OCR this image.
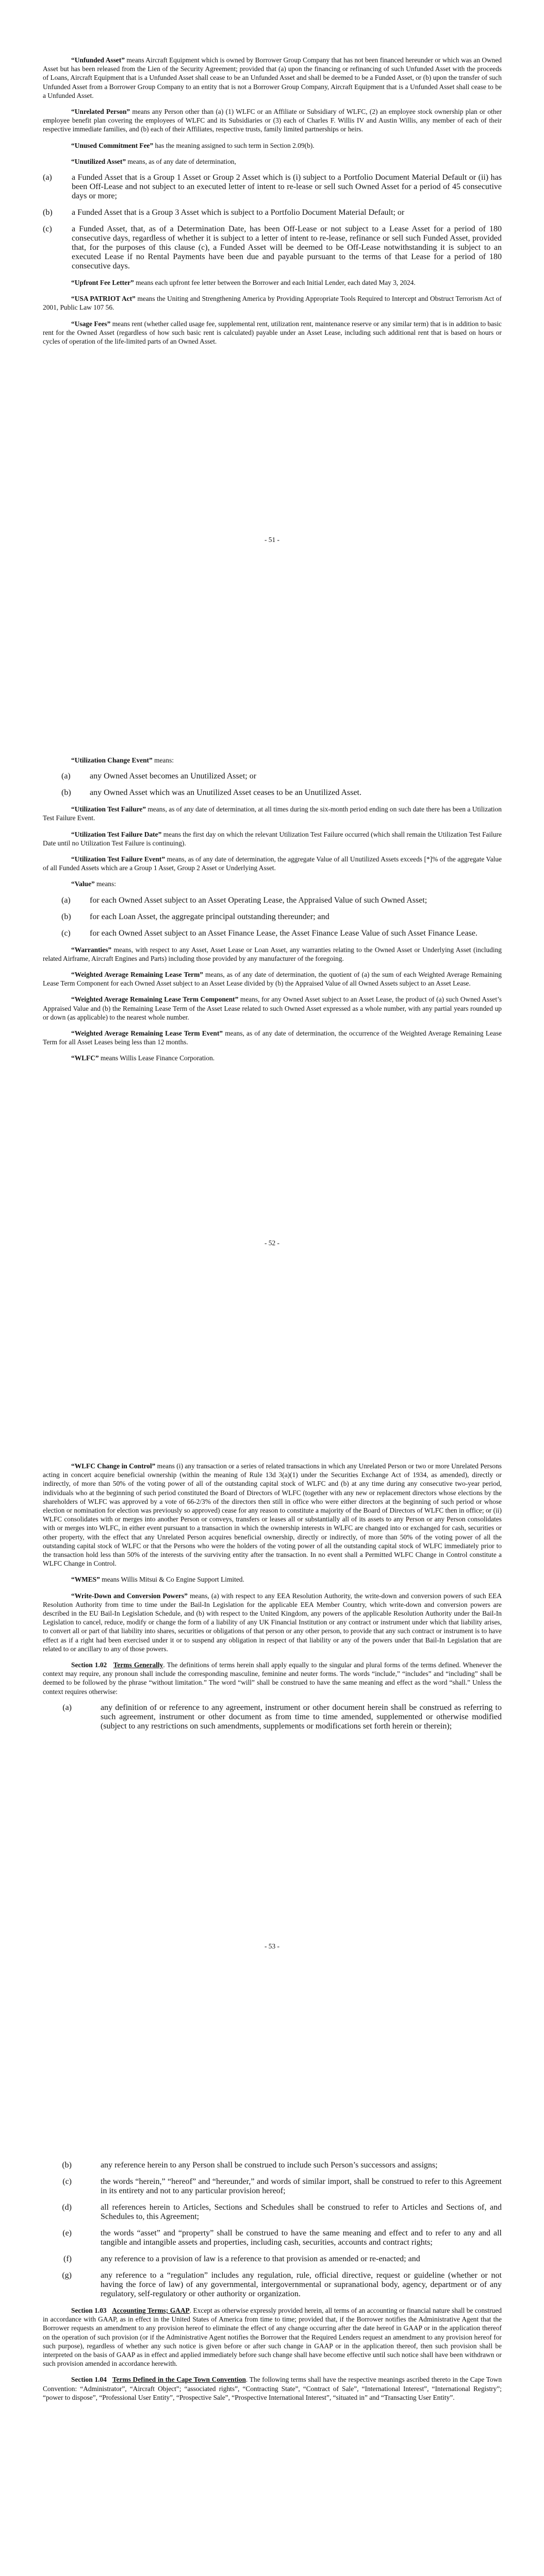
“Unfunded Asset” means Aircraft Equipment which is owned by Borrower Group Company that has not been financed hereunder or which was an Owned Asset but has been released from the Lien of the Security Agreement; provided that (a) upon the financing or refinancing of such Unfunded Asset with the proceeds of Loans, Aircraft Equipment that is a Unfunded Asset shall cease to be an Unfunded Asset and shall be deemed to be a Funded Asset, or (b) upon the transfer of such Unfunded Asset from a Borrower Group Company to an entity that is not a Borrower Group Company, Aircraft Equipment that is a Unfunded Asset shall cease to be a Unfunded Asset.

“Unrelated Person” means any Person other than (a) (1) WLFC or an Affiliate or Subsidiary of WLFC, (2) an employee stock ownership plan or other employee benefit plan covering the employees of WLFC and its Subsidiaries or (3) each of Charles F. Willis IV and Austin Willis, any member of each of their respective immediate families, and (b) each of their Affiliates, respective trusts, family limited partnerships or heirs.

“Unused Commitment Fee” has the meaning assigned to such term in Section 2.09(b).

“Unutilized Asset” means, as of any date of determination,

(a)	a Funded Asset that is a Group 1 Asset or Group 2 Asset which is (i) subject to a Portfolio Document Material Default or (ii) has been Off-Lease and not subject to an executed letter of intent to re-lease or sell such Owned Asset for a period of 45 consecutive days or more;
(b)	a Funded Asset that is a Group 3 Asset which is subject to a Portfolio Document Material Default; or
(c)	a Funded Asset, that, as of a Determination Date, has been Off-Lease or not subject to a Lease Asset for a period of 180 consecutive days, regardless of whether it is subject to a letter of intent to re-lease, refinance or sell such Funded Asset, provided that, for the purposes of this clause (c), a Funded Asset will be deemed to be Off-Lease notwithstanding it is subject to an executed Lease if no Rental Payments have been due and payable pursuant to the terms of that Lease for a period of 180 consecutive days.

“Upfront Fee Letter” means each upfront fee letter between the Borrower and each Initial Lender, each dated May 3, 2024.

“USA PATRIOT Act” means the Uniting and Strengthening America by Providing Appropriate Tools Required to Intercept and Obstruct Terrorism Act of 2001, Public Law 107 56.

“Usage Fees” means rent (whether called usage fee, supplemental rent, utilization rent, maintenance reserve or any similar term) that is in addition to basic rent for the Owned Asset (regardless of how such basic rent is calculated) payable under an Asset Lease, including such additional rent that is based on hours or cycles of operation of the life-limited parts of an Owned Asset.

- 51 -

“Utilization Change Event” means:

(a)	any Owned Asset becomes an Unutilized Asset; or
(b)	any Owned Asset which was an Unutilized Asset ceases to be an Unutilized Asset.

“Utilization Test Failure” means, as of any date of determination, at all times during the six-month period ending on such date there has been a Utilization Test Failure Event.

“Utilization Test Failure Date” means the first day on which the relevant Utilization Test Failure occurred (which shall remain the Utilization Test Failure Date until no Utilization Test Failure is continuing).

“Utilization Test Failure Event” means, as of any date of determination, the aggregate Value of all Unutilized Assets exceeds [*]% of the aggregate Value of all Funded Assets which are a Group 1 Asset, Group 2 Asset or Underlying Asset.

“Value” means:

(a)	for each Owned Asset subject to an Asset Operating Lease, the Appraised Value of such Owned Asset;
(b)	for each Loan Asset, the aggregate principal outstanding thereunder; and
(c)	for each Owned Asset subject to an Asset Finance Lease, the Asset Finance Lease Value of such Asset Finance Lease.

“Warranties” means, with respect to any Asset, Asset Lease or Loan Asset, any warranties relating to the Owned Asset or Underlying Asset (including related Airframe, Aircraft Engines and Parts) including those provided by any manufacturer of the foregoing.

“Weighted Average Remaining Lease Term” means, as of any date of determination, the quotient of (a) the sum of each Weighted Average Remaining Lease Term Component for each Owned Asset subject to an Asset Lease divided by (b) the Appraised Value of all Owned Assets subject to an Asset Lease.

“Weighted Average Remaining Lease Term Component” means, for any Owned Asset subject to an Asset Lease, the product of (a) such Owned Asset’s Appraised Value and (b) the Remaining Lease Term of the Asset Lease related to such Owned Asset expressed as a whole number, with any partial years rounded up or down (as applicable) to the nearest whole number.

“Weighted Average Remaining Lease Term Event” means, as of any date of determination, the occurrence of the Weighted Average Remaining Lease Term for all Asset Leases being less than 12 months.

“WLFC” means Willis Lease Finance Corporation.

- 52 -

“WLFC Change in Control” means (i) any transaction or a series of related transactions in which any Unrelated Person or two or more Unrelated Persons acting in concert acquire beneficial ownership (within the meaning of Rule 13d 3(a)(1) under the Securities Exchange Act of 1934, as amended), directly or indirectly, of more than 50% of the voting power of all of the outstanding capital stock of WLFC and (b) at any time during any consecutive two-year period, individuals who at the beginning of such period constituted the Board of Directors of WLFC (together with any new or replacement directors whose elections by the shareholders of WLFC was approved by a vote of 66-2/3% of the directors then still in office who were either directors at the beginning of such period or whose election or nomination for election was previously so approved) cease for any reason to constitute a majority of the Board of Directors of WLFC then in office; or (ii) WLFC consolidates with or merges into another Person or conveys, transfers or leases all or substantially all of its assets to any Person or any Person consolidates with or merges into WLFC, in either event pursuant to a transaction in which the ownership interests in WLFC are changed into or exchanged for cash, securities or other property, with the effect that any Unrelated Person acquires beneficial ownership, directly or indirectly, of more than 50% of the voting power of all the outstanding capital stock of WLFC or that the Persons who were the holders of the voting power of all the outstanding capital stock of WLFC immediately prior to the transaction hold less than 50% of the interests of the surviving entity after the transaction. In no event shall a Permitted WLFC Change in Control constitute a WLFC Change in Control.

“WMES” means Willis Mitsui & Co Engine Support Limited.

“Write-Down and Conversion Powers” means, (a) with respect to any EEA Resolution Authority, the write-down and conversion powers of such EEA Resolution Authority from time to time under the Bail-In Legislation for the applicable EEA Member Country, which write-down and conversion powers are described in the EU Bail-In Legislation Schedule, and (b) with respect to the United Kingdom, any powers of the applicable Resolution Authority under the Bail-In Legislation to cancel, reduce, modify or change the form of a liability of any UK Financial Institution or any contract or instrument under which that liability arises, to convert all or part of that liability into shares, securities or obligations of that person or any other person, to provide that any such contract or instrument is to have effect as if a right had been exercised under it or to suspend any obligation in respect of that liability or any of the powers under that Bail-In Legislation that are related to or ancillary to any of those powers.

Section 1.02 Terms Generally. The definitions of terms herein shall apply equally to the singular and plural forms of the terms defined. Whenever the context may require, any pronoun shall include the corresponding masculine, feminine and neuter forms. The words “include,” “includes” and “including” shall be deemed to be followed by the phrase “without limitation.” The word “will” shall be construed to have the same meaning and effect as the word “shall.” Unless the context requires otherwise:

(a)	any definition of or reference to any agreement, instrument or other document herein shall be construed as referring to such agreement, instrument or other document as from time to time amended, supplemented or otherwise modified (subject to any restrictions on such amendments, supplements or modifications set forth herein or therein);
- 53 -
(b)	any reference herein to any Person shall be construed to include such Person’s successors and assigns;
(c)	the words “herein,” “hereof” and “hereunder,” and words of similar import, shall be construed to refer to this Agreement in its entirety and not to any particular provision hereof;
(d)	all references herein to Articles, Sections and Schedules shall be construed to refer to Articles and Sections of, and Schedules to, this Agreement;
(e)	the words “asset” and “property” shall be construed to have the same meaning and effect and to refer to any and all tangible and intangible assets and properties, including cash, securities, accounts and contract rights;
(f)	any reference to a provision of law is a reference to that provision as amended or re-enacted; and
(g)	any reference to a “regulation” includes any regulation, rule, official directive, request or guideline (whether or not having the force of law) of any governmental, intergovernmental or supranational body, agency, department or of any regulatory, self-regulatory or other authority or organization.

Section 1.03 Accounting Terms; GAAP. Except as otherwise expressly provided herein, all terms of an accounting or financial nature shall be construed in accordance with GAAP, as in effect in the United States of America from time to time; provided that, if the Borrower notifies the Administrative Agent that the Borrower requests an amendment to any provision hereof to eliminate the effect of any change occurring after the date hereof in GAAP or in the application thereof on the operation of such provision (or if the Administrative Agent notifies the Borrower that the Required Lenders request an amendment to any provision hereof for such purpose), regardless of whether any such notice is given before or after such change in GAAP or in the application thereof, then such provision shall be interpreted on the basis of GAAP as in effect and applied immediately before such change shall have become effective until such notice shall have been withdrawn or such provision amended in accordance herewith.

Section 1.04 Terms Defined in the Cape Town Convention. The following terms shall have the respective meanings ascribed thereto in the Cape Town Convention: “Administrator”, “Aircraft Object”; “associated rights”, “Contracting State”, “Contract of Sale”, “International Interest”, “International Registry”; “power to dispose”, “Professional User Entity”, “Prospective Sale”, “Prospective International Interest”, “situated in” and “Transacting User Entity”.
